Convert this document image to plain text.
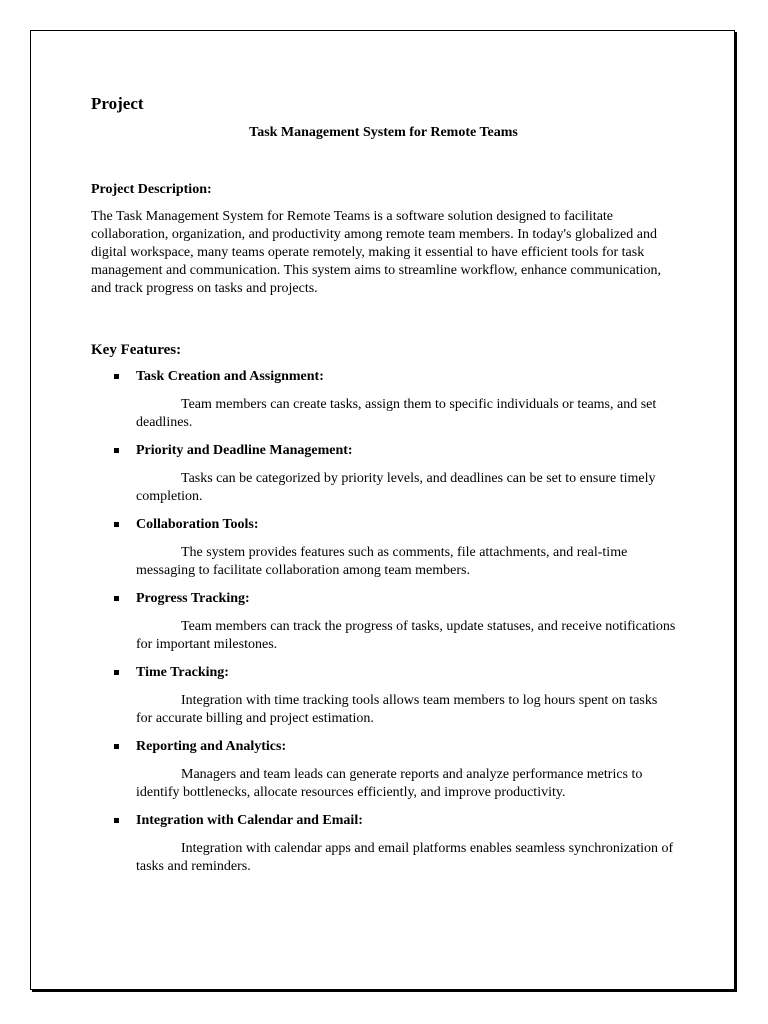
Project
Task Management System for Remote Teams
Project Description:

The Task Management System for Remote Teams is a software solution designed to facilitate collaboration, organization, and productivity among remote team members. In today's globalized and digital workspace, many teams operate remotely, making it essential to have efficient tools for task management and communication. This system aims to streamline workflow, enhance communication, and track progress on tasks and projects.

Key Features:
Task Creation and Assignment:
Team members can create tasks, assign them to specific individuals or teams, and set deadlines.
Priority and Deadline Management:
Tasks can be categorized by priority levels, and deadlines can be set to ensure timely completion.
Collaboration Tools:
The system provides features such as comments, file attachments, and real-time messaging to facilitate collaboration among team members.
Progress Tracking:
Team members can track the progress of tasks, update statuses, and receive notifications for important milestones.
Time Tracking:
Integration with time tracking tools allows team members to log hours spent on tasks for accurate billing and project estimation.
Reporting and Analytics:
Managers and team leads can generate reports and analyze performance metrics to identify bottlenecks, allocate resources efficiently, and improve productivity.
Integration with Calendar and Email:
Integration with calendar apps and email platforms enables seamless synchronization of tasks and reminders.
